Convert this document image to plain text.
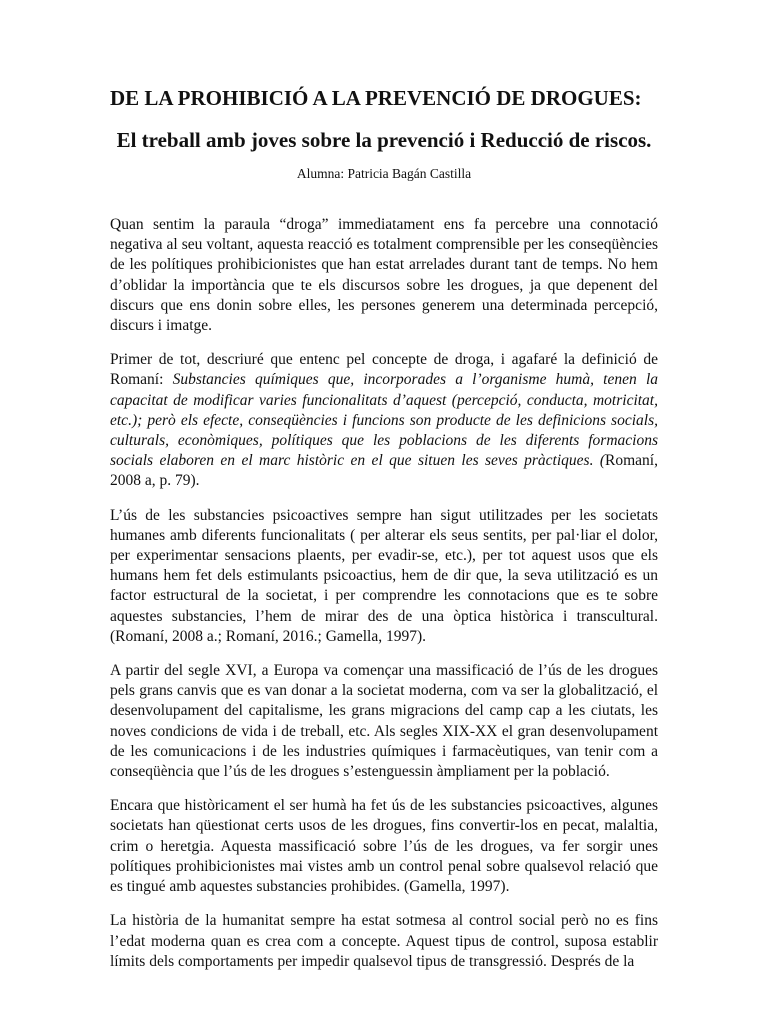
DE LA PROHIBICIÓ A LA PREVENCIÓ DE DROGUES:
El treball amb joves sobre la prevenció i Reducció de riscos.
Alumna: Patricia Bagán Castilla

Quan sentim la paraula “droga” immediatament ens fa percebre una connotació negativa al seu voltant, aquesta reacció es totalment comprensible per les conseqüències de les polítiques prohibicionistes que han estat arrelades durant tant de temps. No hem d’oblidar la importància que te els discursos sobre les drogues, ja que depenent del discurs que ens donin sobre elles, les persones generem una determinada percepció, discurs i imatge.

Primer de tot, descriuré que entenc pel concepte de droga, i agafaré la definició de Romaní: Substancies químiques que, incorporades a l’organisme humà, tenen la capacitat de modificar varies funcionalitats d’aquest (percepció, conducta, motricitat, etc.); però els efecte, conseqüències i funcions son producte de les definicions socials, culturals, econòmiques, polítiques que les poblacions de les diferents formacions socials elaboren en el marc històric en el que situen les seves pràctiques. (Romaní, 2008 a, p. 79).

L’ús de les substancies psicoactives sempre han sigut utilitzades per les societats humanes amb diferents funcionalitats ( per alterar els seus sentits, per pal·liar el dolor, per experimentar sensacions plaents, per evadir-se, etc.), per tot aquest usos que els humans hem fet dels estimulants psicoactius, hem de dir que, la seva utilització es un factor estructural de la societat, i per comprendre les connotacions que es te sobre aquestes substancies, l’hem de mirar des de una òptica històrica i transcultural. (Romaní, 2008 a.; Romaní, 2016.; Gamella, 1997).

A partir del segle XVI, a Europa va començar una massificació de l’ús de les drogues pels grans canvis que es van donar a la societat moderna, com va ser la globalització, el desenvolupament del capitalisme, les grans migracions del camp cap a les ciutats, les noves condicions de vida i de treball, etc. Als segles XIX-XX el gran desenvolupament de les comunicacions i de les industries químiques i farmacèutiques, van tenir com a conseqüència que l’ús de les drogues s’estenguessin àmpliament per la població.

Encara que històricament el ser humà ha fet ús de les substancies psicoactives, algunes societats han qüestionat certs usos de les drogues, fins convertir-los en pecat, malaltia, crim o heretgia. Aquesta massificació sobre l’ús de les drogues, va fer sorgir unes polítiques prohibicionistes mai vistes amb un control penal sobre qualsevol relació que es tingué amb aquestes substancies prohibides. (Gamella, 1997).

La història de la humanitat sempre ha estat sotmesa al control social però no es fins l’edat moderna quan es crea com a concepte. Aquest tipus de control, suposa establir límits dels comportaments per impedir qualsevol tipus de transgressió. Després de la
